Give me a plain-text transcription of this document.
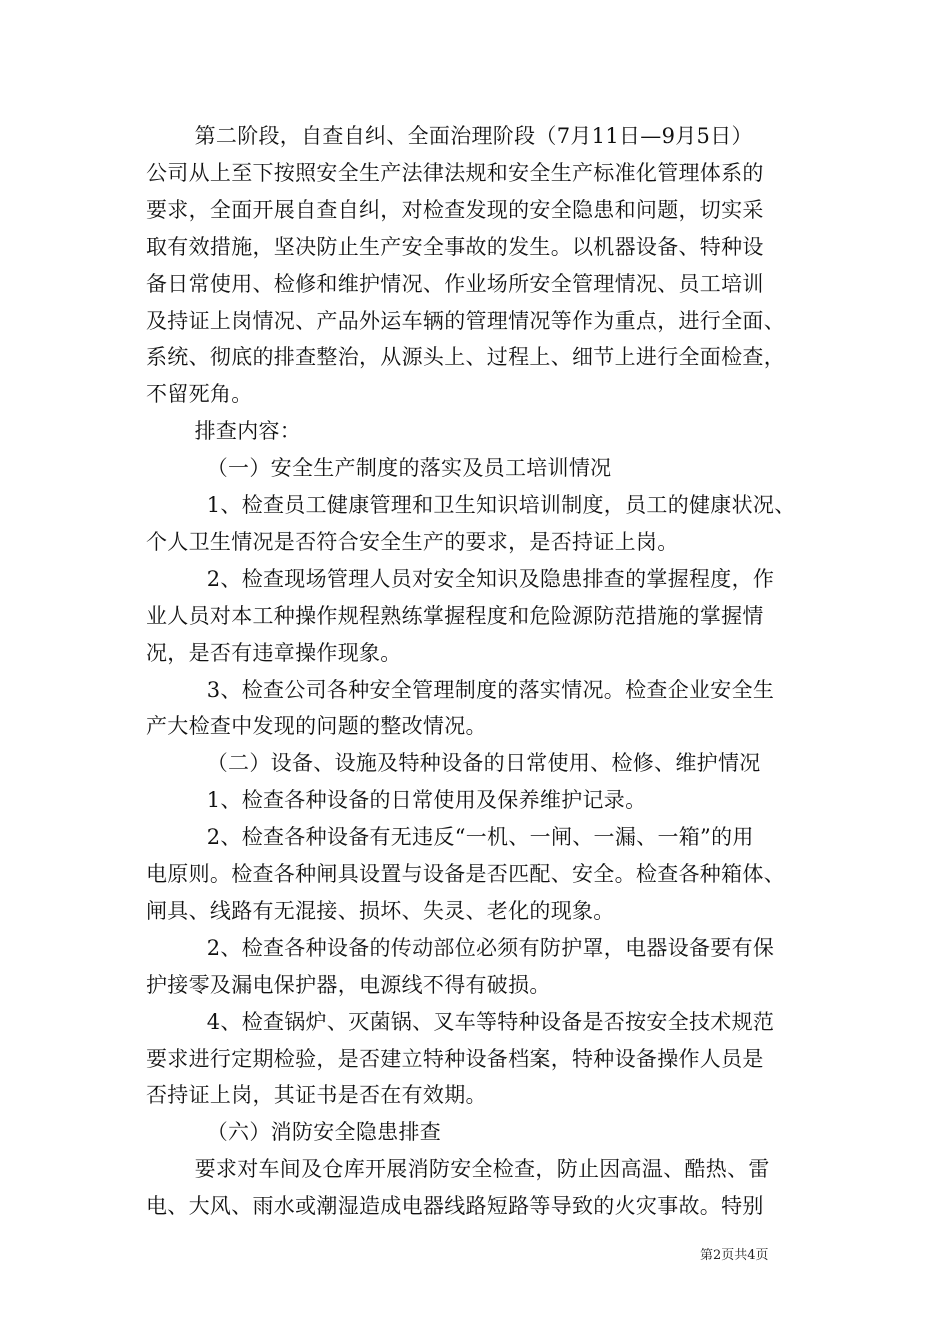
第二阶段，自查自纠、全面治理阶段（7月11日—9月5日）
公司从上至下按照安全生产法律法规和安全生产标准化管理体系的
要求，全面开展自查自纠，对检查发现的安全隐患和问题，切实采
取有效措施，坚决防止生产安全事故的发生。以机器设备、特种设
备日常使用、检修和维护情况、作业场所安全管理情况、员工培训
及持证上岗情况、产品外运车辆的管理情况等作为重点，进行全面、
系统、彻底的排查整治，从源头上、过程上、细节上进行全面检查，
不留死角。
排查内容：
（一）安全生产制度的落实及员工培训情况
1、检查员工健康管理和卫生知识培训制度，员工的健康状况、
个人卫生情况是否符合安全生产的要求，是否持证上岗。
2、检查现场管理人员对安全知识及隐患排查的掌握程度，作
业人员对本工种操作规程熟练掌握程度和危险源防范措施的掌握情
况，是否有违章操作现象。
3、检查公司各种安全管理制度的落实情况。检查企业安全生
产大检查中发现的问题的整改情况。
（二）设备、设施及特种设备的日常使用、检修、维护情况
1、检查各种设备的日常使用及保养维护记录。
2、检查各种设备有无违反“一机、一闸、一漏、一箱”的用
电原则。检查各种闸具设置与设备是否匹配、安全。检查各种箱体、
闸具、线路有无混接、损坏、失灵、老化的现象。
2、检查各种设备的传动部位必须有防护罩，电器设备要有保
护接零及漏电保护器，电源线不得有破损。
4、检查锅炉、灭菌锅、叉车等特种设备是否按安全技术规范
要求进行定期检验，是否建立特种设备档案，特种设备操作人员是
否持证上岗，其证书是否在有效期。
（六）消防安全隐患排查
要求对车间及仓库开展消防安全检查，防止因高温、酷热、雷
电、大风、雨水或潮湿造成电器线路短路等导致的火灾事故。特别
第2页共4页
